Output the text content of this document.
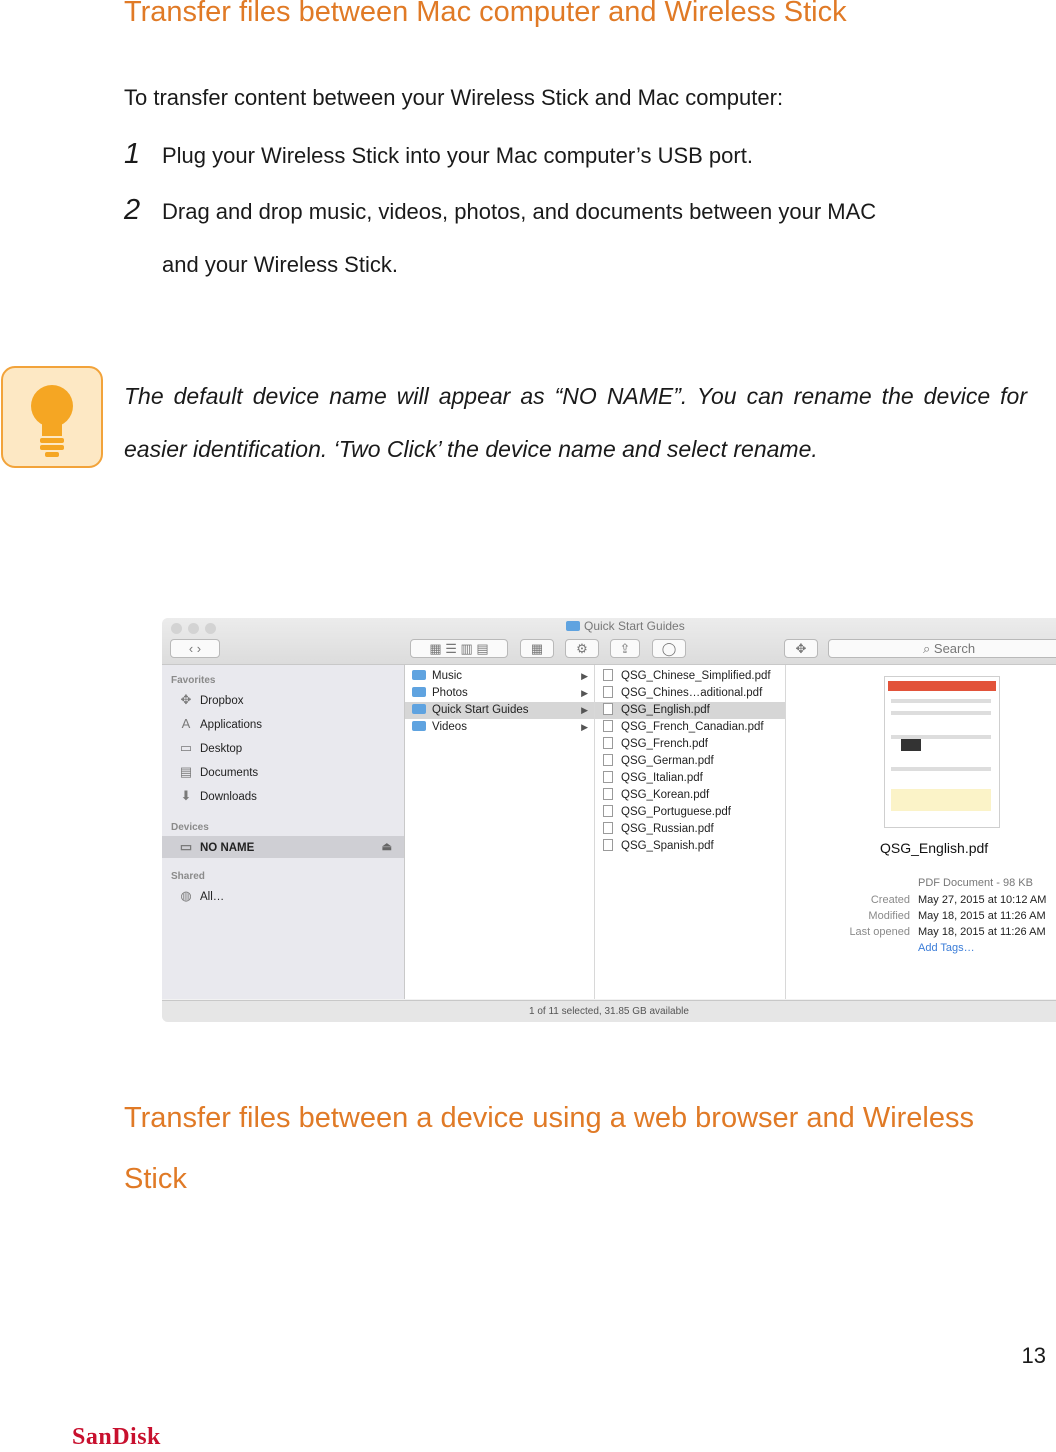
Transfer files between Mac computer and Wireless Stick
To transfer content between your Wireless Stick and Mac computer:
1 Plug your Wireless Stick into your Mac computer’s USB port.
2 Drag and drop music, videos, photos, and documents between your MAC
and your Wireless Stick.
The default device name will appear as “NO NAME”. You can rename the device for easier identification. ‘Two Click’ the device name and select rename.
Quick Start Guides
‹ ›	▦ ☰ ▥ ▤	▦	⚙	⇪	◯	✥	⌕ Search
Favorites
✥ Dropbox
A Applications
▭ Desktop
▤ Documents
⬇ Downloads
Devices
▭ NO NAME	⏏
Shared
◍ All…
Music	▶
Photos	▶
Quick Start Guides	▶
Videos	▶
QSG_Chinese_Simplified.pdf
QSG_Chines…aditional.pdf
QSG_English.pdf
QSG_French_Canadian.pdf
QSG_French.pdf
QSG_German.pdf
QSG_Italian.pdf
QSG_Korean.pdf
QSG_Portuguese.pdf
QSG_Russian.pdf
QSG_Spanish.pdf	QSG_English.pdf
PDF Document - 98 KB
Created May 27, 2015 at 10:12 AM
Modified May 18, 2015 at 11:26 AM
Last opened May 18, 2015 at 11:26 AM
Add Tags…
1 of 11 selected, 31.85 GB available
Transfer files between a device using a web browser and Wireless
Stick
13
SanDisk
